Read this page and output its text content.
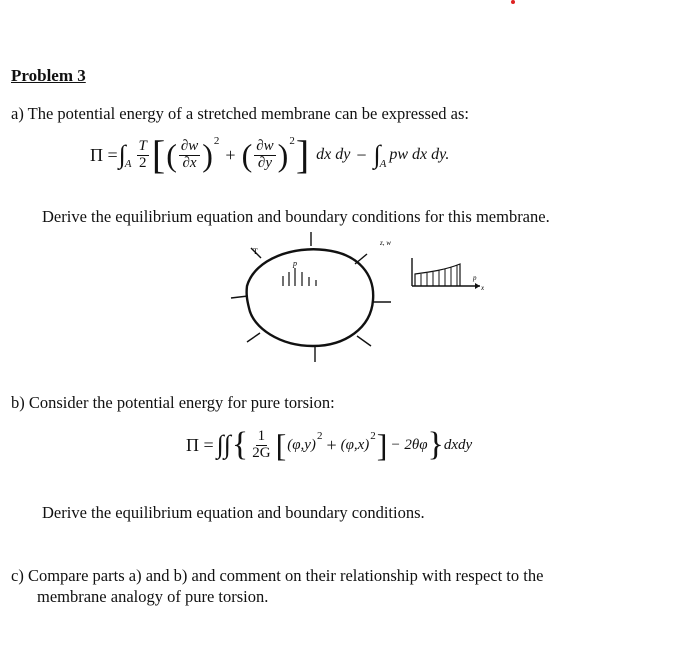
Problem 3
a) The potential energy of a stretched membrane can be expressed as:
Π = ∫ A $\frac{T}{2}$ [ ( $\frac{\partial w}{\partial x}$ ) 2
+ ( $\frac{\partial w}{\partial y}$ ) 2 ] dx dy − ∫ A
pw dx dy.
Derive the equilibrium equation and boundary conditions for this membrane.
T
p
z, w
p
x
b) Consider the potential energy for pure torsion:
Π = ∫∫ { $\frac{1}{2G}$ [ (φ,y)
2 + (φ,x)
2 ] − 2θφ } dxdy
Derive the equilibrium equation and boundary conditions.
c) Compare parts a) and b) and comment on their relationship with respect to the
membrane analogy of pure torsion.
